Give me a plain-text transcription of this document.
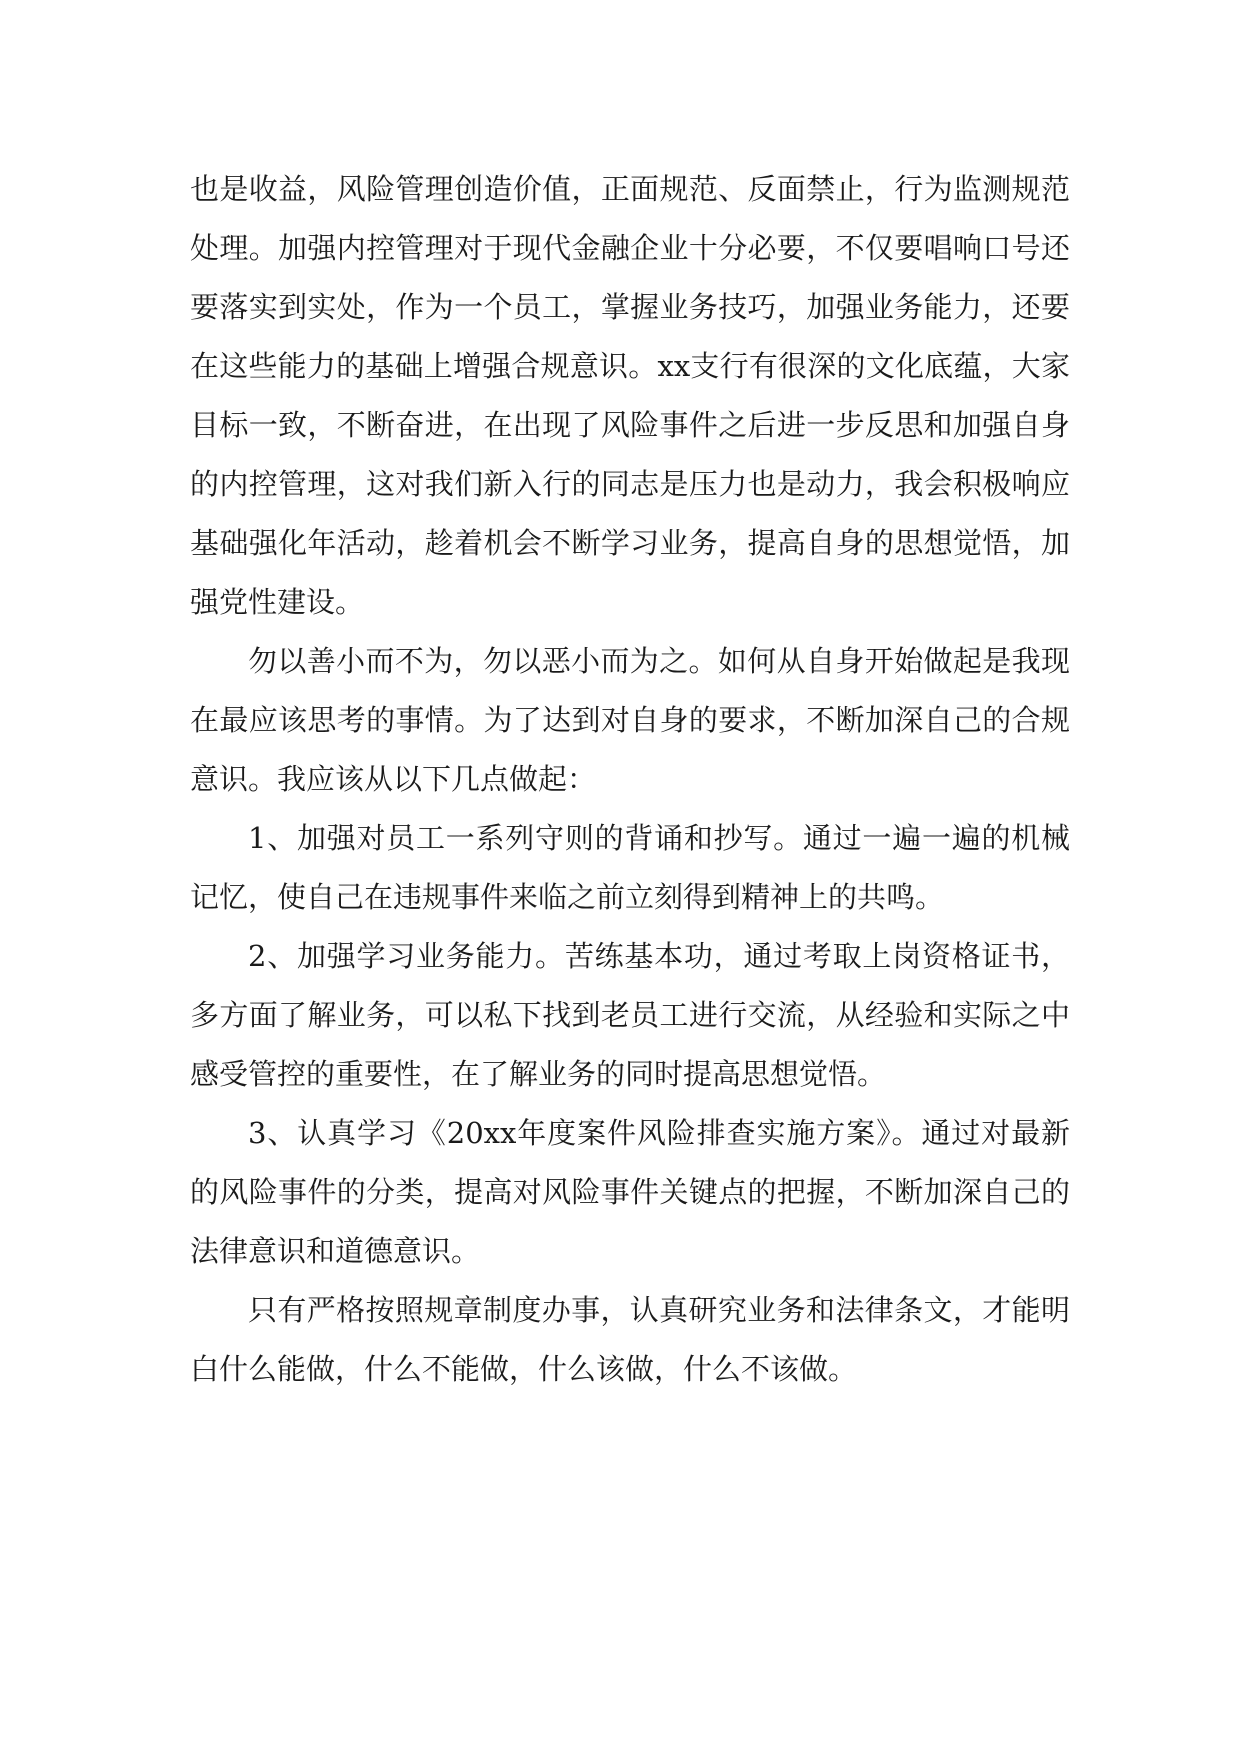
也是收益，风险管理创造价值，正面规范、反面禁止，行为监测规范处理。加强内控管理对于现代金融企业十分必要，不仅要唱响口号还要落实到实处，作为一个员工，掌握业务技巧，加强业务能力，还要在这些能力的基础上增强合规意识。xx支行有很深的文化底蕴，大家目标一致，不断奋进，在出现了风险事件之后进一步反思和加强自身的内控管理，这对我们新入行的同志是压力也是动力，我会积极响应基础强化年活动，趁着机会不断学习业务，提高自身的思想觉悟，加强党性建设。

勿以善小而不为，勿以恶小而为之。如何从自身开始做起是我现在最应该思考的事情。为了达到对自身的要求，不断加深自己的合规意识。我应该从以下几点做起：

1、加强对员工一系列守则的背诵和抄写。通过一遍一遍的机械记忆，使自己在违规事件来临之前立刻得到精神上的共鸣。

2、加强学习业务能力。苦练基本功，通过考取上岗资格证书，多方面了解业务，可以私下找到老员工进行交流，从经验和实际之中感受管控的重要性，在了解业务的同时提高思想觉悟。

3、认真学习《20xx年度案件风险排查实施方案》。通过对最新的风险事件的分类，提高对风险事件关键点的把握，不断加深自己的法律意识和道德意识。

只有严格按照规章制度办事，认真研究业务和法律条文，才能明白什么能做，什么不能做，什么该做，什么不该做。
